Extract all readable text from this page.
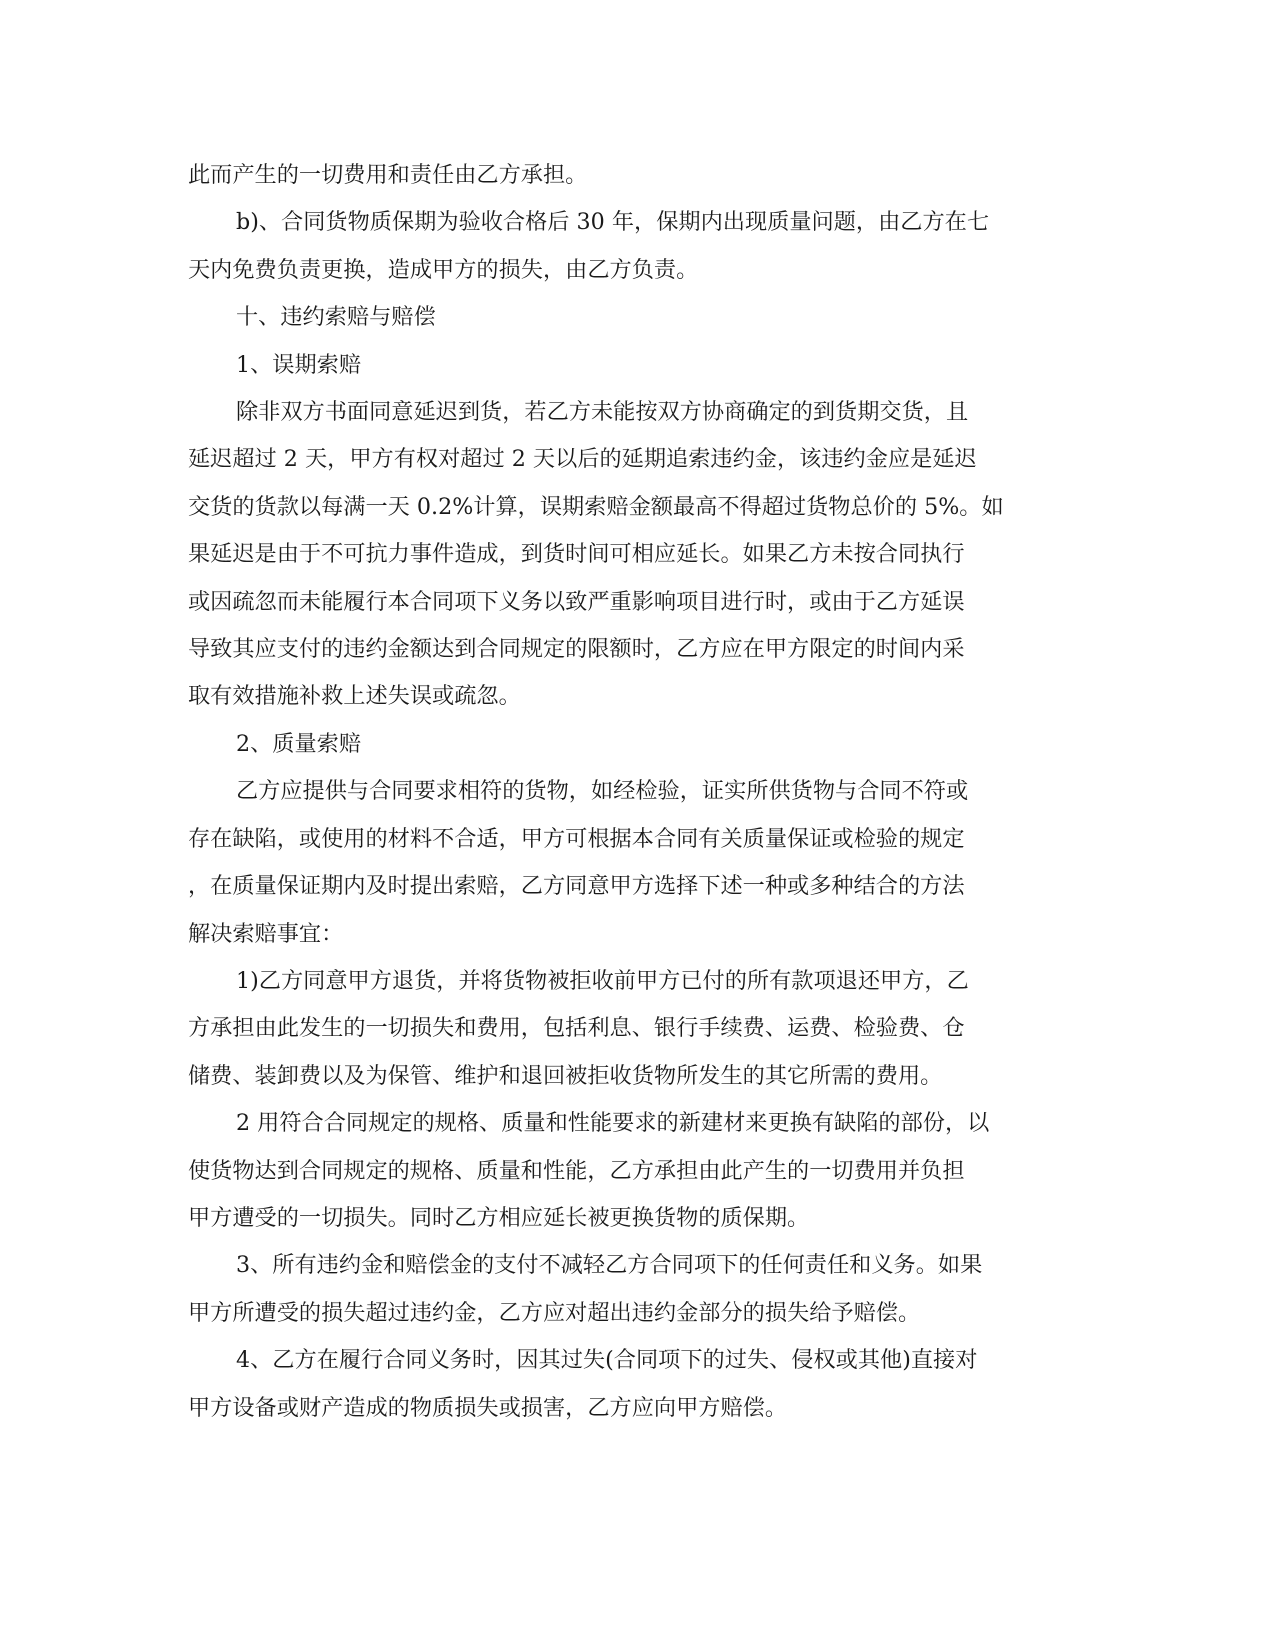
此而产生的一切费用和责任由乙方承担。

b)、合同货物质保期为验收合格后 30 年，保期内出现质量问题，由乙方在七
天内免费负责更换，造成甲方的损失，由乙方负责。

十、违约索赔与赔偿

1、误期索赔

除非双方书面同意延迟到货，若乙方未能按双方协商确定的到货期交货，且
延迟超过 2 天，甲方有权对超过 2 天以后的延期追索违约金，该违约金应是延迟
交货的货款以每满一天 0.2%计算，误期索赔金额最高不得超过货物总价的 5%。如
果延迟是由于不可抗力事件造成，到货时间可相应延长。如果乙方未按合同执行
或因疏忽而未能履行本合同项下义务以致严重影响项目进行时，或由于乙方延误
导致其应支付的违约金额达到合同规定的限额时，乙方应在甲方限定的时间内采
取有效措施补救上述失误或疏忽。

2、质量索赔

乙方应提供与合同要求相符的货物，如经检验，证实所供货物与合同不符或
存在缺陷，或使用的材料不合适，甲方可根据本合同有关质量保证或检验的规定
，在质量保证期内及时提出索赔，乙方同意甲方选择下述一种或多种结合的方法
解决索赔事宜：

1)乙方同意甲方退货，并将货物被拒收前甲方已付的所有款项退还甲方，乙
方承担由此发生的一切损失和费用，包括利息、银行手续费、运费、检验费、仓
储费、装卸费以及为保管、维护和退回被拒收货物所发生的其它所需的费用。

2 用符合合同规定的规格、质量和性能要求的新建材来更换有缺陷的部份，以
使货物达到合同规定的规格、质量和性能，乙方承担由此产生的一切费用并负担
甲方遭受的一切损失。同时乙方相应延长被更换货物的质保期。

3、所有违约金和赔偿金的支付不减轻乙方合同项下的任何责任和义务。如果
甲方所遭受的损失超过违约金，乙方应对超出违约金部分的损失给予赔偿。

4、乙方在履行合同义务时，因其过失(合同项下的过失、侵权或其他)直接对
甲方设备或财产造成的物质损失或损害，乙方应向甲方赔偿。
